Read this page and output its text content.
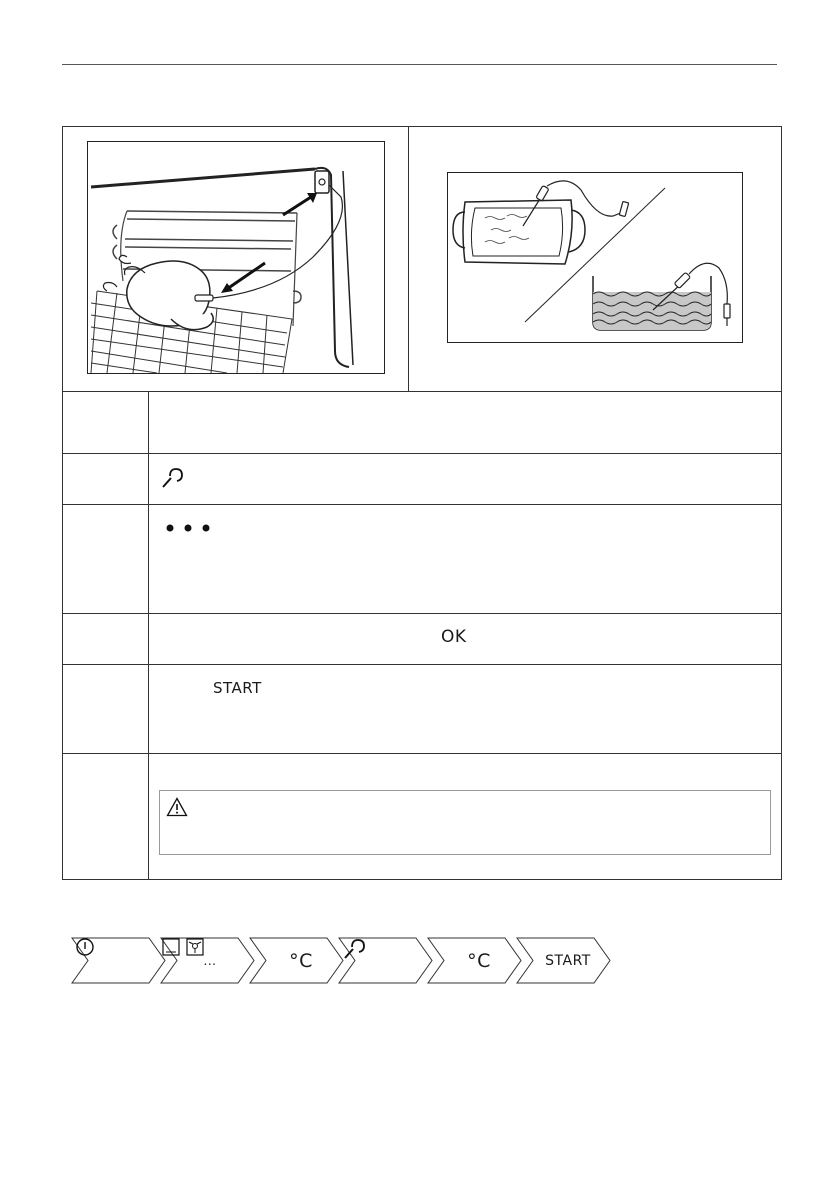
OK
START
...	°C	°C	START
